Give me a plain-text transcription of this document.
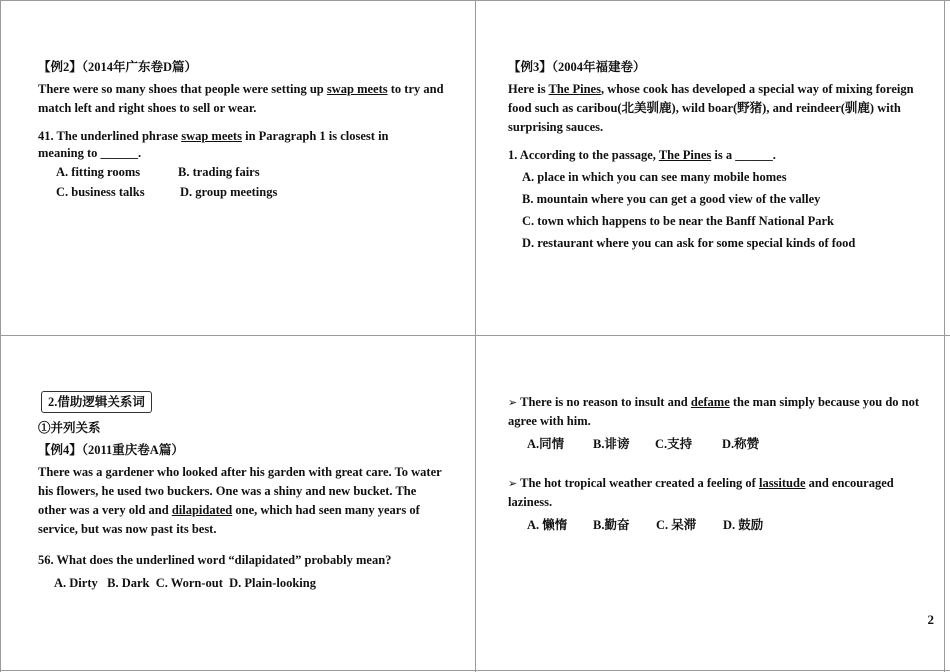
【例2】（2014年广东卷D篇）

There were so many shoes that people were setting up swap meets to try and match left and right shoes to sell or wear.

41. The underlined phrase swap meets in Paragraph 1 is closest in meaning to ______.

A. fitting rooms	B. trading fairs

C. business talks	D. group meetings

【例3】（2004年福建卷）

Here is The Pines, whose cook has developed a special way of mixing foreign food such as caribou(北美驯鹿), wild boar(野猪), and reindeer(驯鹿) with surprising sauces.

1. According to the passage, The Pines is a ______.

A. place in which you can see many mobile homes

B. mountain where you can get a good view of the valley

C. town which happens to be near the Banff National Park

D. restaurant where you can ask for some special kinds of food

2.借助逻辑关系词

①并列关系

【例4】（2011重庆卷A篇）

There was a gardener who looked after his garden with great care. To water his flowers, he used two buckers. One was a shiny and new bucket. The other was a very old and dilapidated one, which had seen many years of service, but was now past its best.

56. What does the underlined word “dilapidated” probably mean?

A. Dirty B. Dark C. Worn-out D. Plain-looking

➢ There is no reason to insult and defame the man simply because you do not agree with him.

A.同情 B.诽谤 C.支持 D.称赞

➢ The hot tropical weather created a feeling of lassitude and encouraged laziness.

A. 懒惰 B.勤奋 C. 呆滞 D. 鼓励

2
